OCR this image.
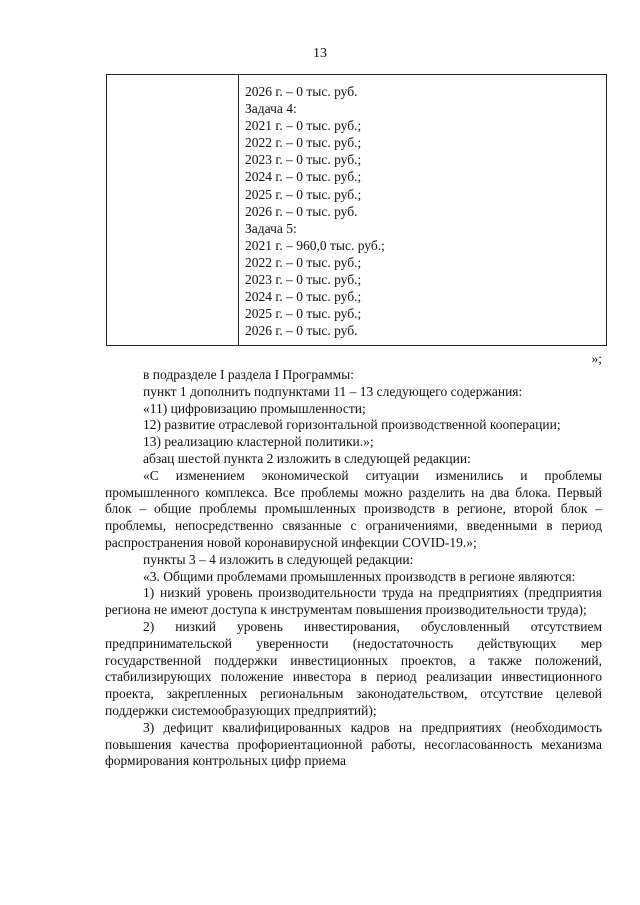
13
2026 г. – 0 тыс. руб.
Задача 4:
2021 г. – 0 тыс. руб.;
2022 г. – 0 тыс. руб.;
2023 г. – 0 тыс. руб.;
2024 г. – 0 тыс. руб.;
2025 г. – 0 тыс. руб.;
2026 г. – 0 тыс. руб.
Задача 5:
2021 г. – 960,0 тыс. руб.;
2022 г. – 0 тыс. руб.;
2023 г. – 0 тыс. руб.;
2024 г. – 0 тыс. руб.;
2025 г. – 0 тыс. руб.;
2026 г. – 0 тыс. руб.
»;

в подразделе I раздела I Программы:

пункт 1 дополнить подпунктами 11 – 13 следующего содержания:

«11) цифровизацию промышленности;

12) развитие отраслевой горизонтальной производственной кооперации;

13) реализацию кластерной политики.»;

абзац шестой пункта 2 изложить в следующей редакции:

«С изменением экономической ситуации изменились и проблемы промышленного комплекса. Все проблемы можно разделить на два блока. Первый блок – общие проблемы промышленных производств в регионе, второй блок – проблемы, непосредственно связанные с ограничениями, введенными в период распространения новой коронавирусной инфекции COVID-19.»;

пункты 3 – 4 изложить в следующей редакции:

«3. Общими проблемами промышленных производств в регионе являются:

1) низкий уровень производительности труда на предприятиях (предприятия региона не имеют доступа к инструментам повышения производительности труда);

2) низкий уровень инвестирования, обусловленный отсутствием предпринимательской уверенности (недостаточность действующих мер государственной поддержки инвестиционных проектов, а также положений, стабилизирующих положение инвестора в период реализации инвестиционного проекта, закрепленных региональным законодательством, отсутствие целевой поддержки системообразующих предприятий);

3) дефицит квалифицированных кадров на предприятиях (необходимость повышения качества профориентационной работы, несогласованность механизма формирования контрольных цифр приема
